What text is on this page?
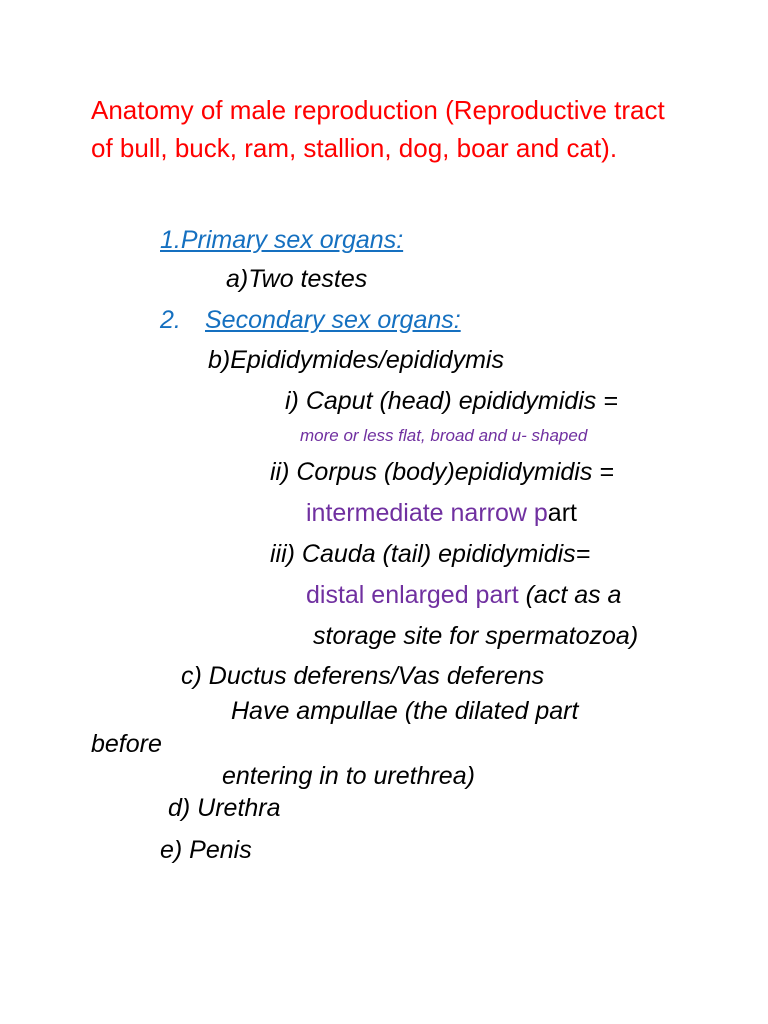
Anatomy of male reproduction (Reproductive tract of bull, buck, ram, stallion, dog, boar and cat).
1.Primary sex organs:
a)Two testes
2. Secondary sex organs:
b)Epididymides/epididymis
i) Caput (head) epididymidis =
more or less flat, broad and u- shaped
ii) Corpus (body)epididymidis =
intermediate narrow part
iii) Cauda (tail) epididymidis=
distal enlarged part (act as a
storage site for spermatozoa)
c) Ductus deferens/Vas deferens
Have ampullae (the dilated part
before
entering in to urethrea)
d) Urethra
e) Penis
